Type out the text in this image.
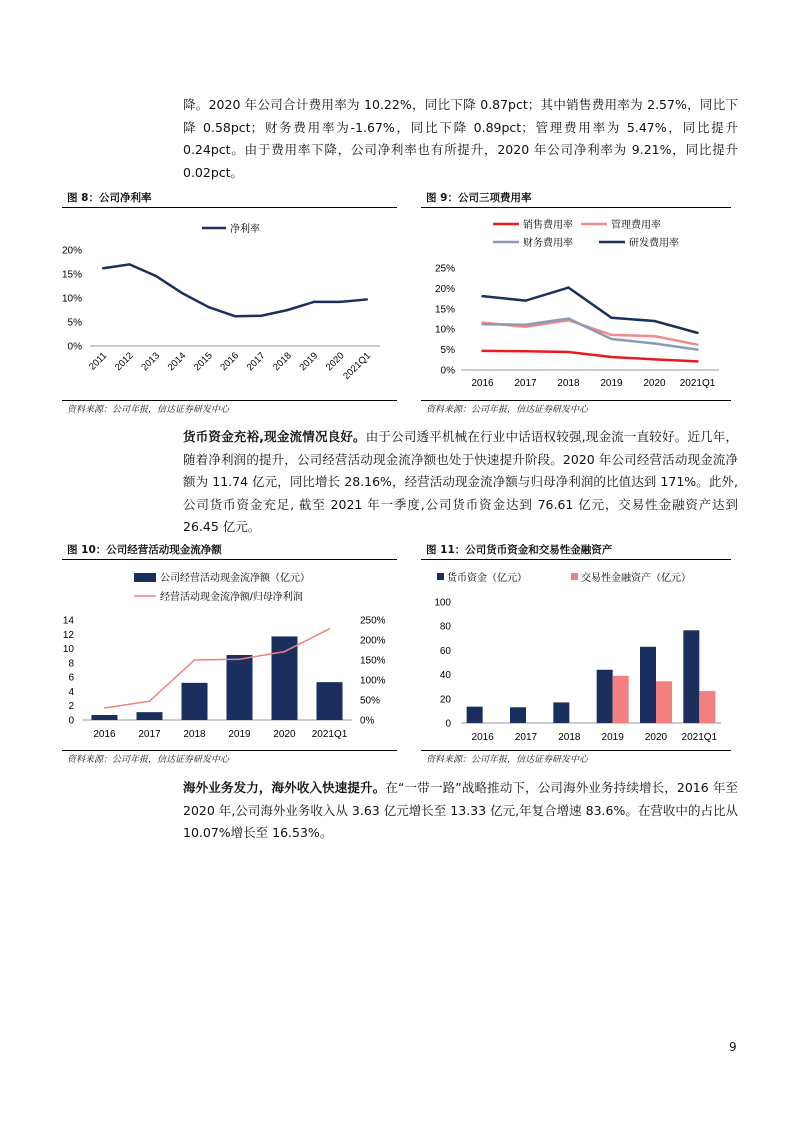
降。2020 年公司合计费用率为 10.22%，同比下降 0.87pct；其中销售费用率为 2.57%，同比下降 0.58pct；财务费用率为-1.67%，同比下降 0.89pct；管理费用率为 5.47%，同比提升 0.24pct。由于费用率下降，公司净利率也有所提升，2020 年公司净利率为 9.21%，同比提升 0.02pct。
图 8：公司净利率
净利率
0%
5%
10%
15%
20%
2011 2012 2013 2014 2015 2016 2017 2018 2019 2020
2021Q1
资料来源：公司年报，信达证券研发中心
图 9：公司三项费用率
销售费用率	管理费用率
财务费用率	研发费用率
0%
5%
10%
15%
20%
25%
2016 2017 2018 2019 2020 2021Q1
资料来源：公司年报，信达证券研发中心
货币资金充裕,现金流情况良好。由于公司透平机械在行业中话语权较强,现金流一直较好。近几年，随着净利润的提升，公司经营活动现金流净额也处于快速提升阶段。2020 年公司经营活动现金流净额为 11.74 亿元，同比增长 28.16%，经营活动现金流净额与归母净利润的比值达到 171%。此外,公司货币资金充足, 截至 2021 年一季度,公司货币资金达到 76.61 亿元，交易性金融资产达到 26.45 亿元。
图 10：公司经营活动现金流净额
公司经营活动现金流净额（亿元）
经营活动现金流净额/归母净利润
0
2
4
6
8
10
12
14
0%
50%
100%
150%
200%
250%
2016 2017 2018 2019 2020 2021Q1
资料来源：公司年报，信达证券研发中心
图 11：公司货币资金和交易性金融资产
货币资金（亿元）	交易性金融资产（亿元）
0
20
40
60
80
100
2016 2017 2018 2019 2020 2021Q1
资料来源：公司年报，信达证券研发中心
海外业务发力，海外收入快速提升。在“一带一路”战略推动下，公司海外业务持续增长，2016 年至 2020 年,公司海外业务收入从 3.63 亿元增长至 13.33 亿元,年复合增速 83.6%。在营收中的占比从 10.07%增长至 16.53%。
9
